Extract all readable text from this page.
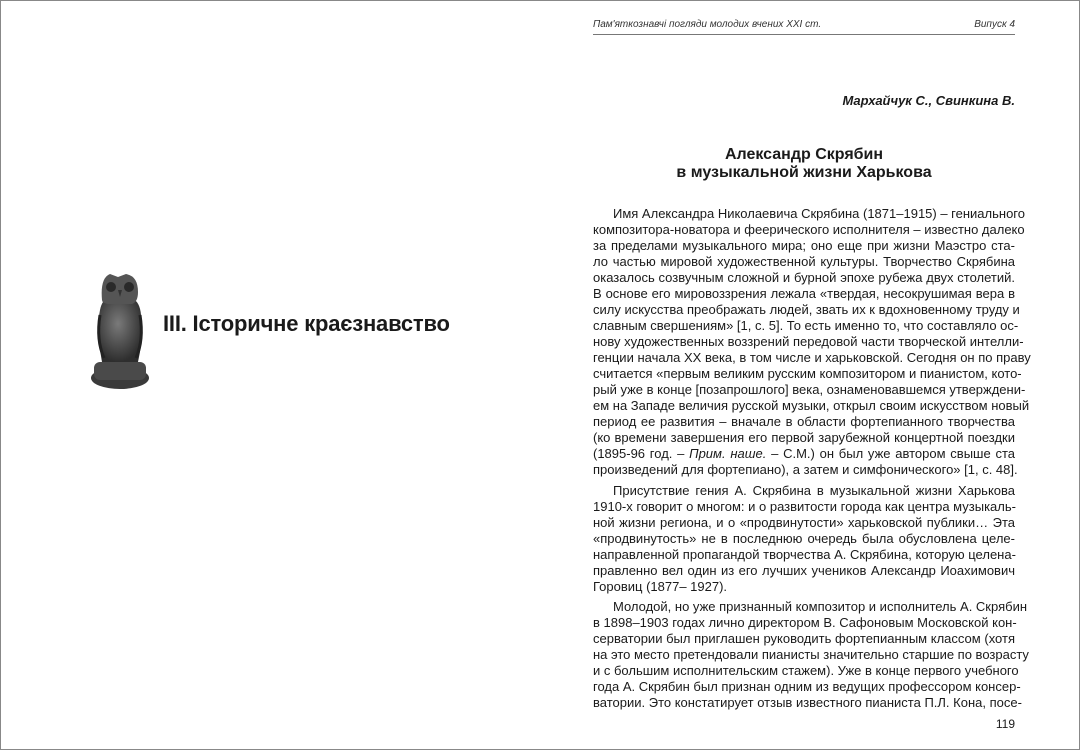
III. Історичне краєзнавство
Пам'яткознавчі погляди молодих вчених XXI ст.	Випуск 4
Мархайчук С., Свинкина В.
Александр Скрябин
в музыкальной жизни Харькова
Имя Александра Николаевича Скрябина (1871–1915) – гениального
композитора-новатора и феерического исполнителя – известно далеко
за пределами музыкального мира; оно еще при жизни Маэстро ста-
ло частью мировой художественной культуры. Творчество Скрябина
оказалось созвучным сложной и бурной эпохе рубежа двух столетий.
В основе его мировоззрения лежала «твердая, несокрушимая вера в
силу искусства преображать людей, звать их к вдохновенному труду и
славным свершениям» [1, с. 5]. То есть именно то, что составляло ос-
нову художественных воззрений передовой части творческой интелли-
генции начала XX века, в том числе и харьковской. Сегодня он по праву
считается «первым великим русским композитором и пианистом, кото-
рый уже в конце [позапрошлого] века, ознаменовавшемся утверждени-
ем на Западе величия русской музыки, открыл своим искусством новый
период ее развития – вначале в области фортепианного творчества
(ко времени завершения его первой зарубежной концертной поездки
(1895-96 год. – Прим. наше. – С.М.) он был уже автором свыше ста
произведений для фортепиано), а затем и симфонического» [1, с. 48].
Присутствие гения А. Скрябина в музыкальной жизни Харькова
1910-х говорит о многом: и о развитости города как центра музыкаль-
ной жизни региона, и о «продвинутости» харьковской публики… Эта
«продвинутость» не в последнюю очередь была обусловлена целе-
направленной пропагандой творчества А. Скрябина, которую целена-
правленно вел один из его лучших учеников Александр Иоахимович
Горовиц (1877– 1927).
Молодой, но уже признанный композитор и исполнитель А. Скрябин
в 1898–1903 годах лично директором В. Сафоновым Московской кон-
серватории был приглашен руководить фортепианным классом (хотя
на это место претендовали пианисты значительно старшие по возрасту
и с большим исполнительским стажем). Уже в конце первого учебного
года А. Скрябин был признан одним из ведущих профессором консер-
ватории. Это констатирует отзыв известного пианиста П.Л. Кона, посе-
119
